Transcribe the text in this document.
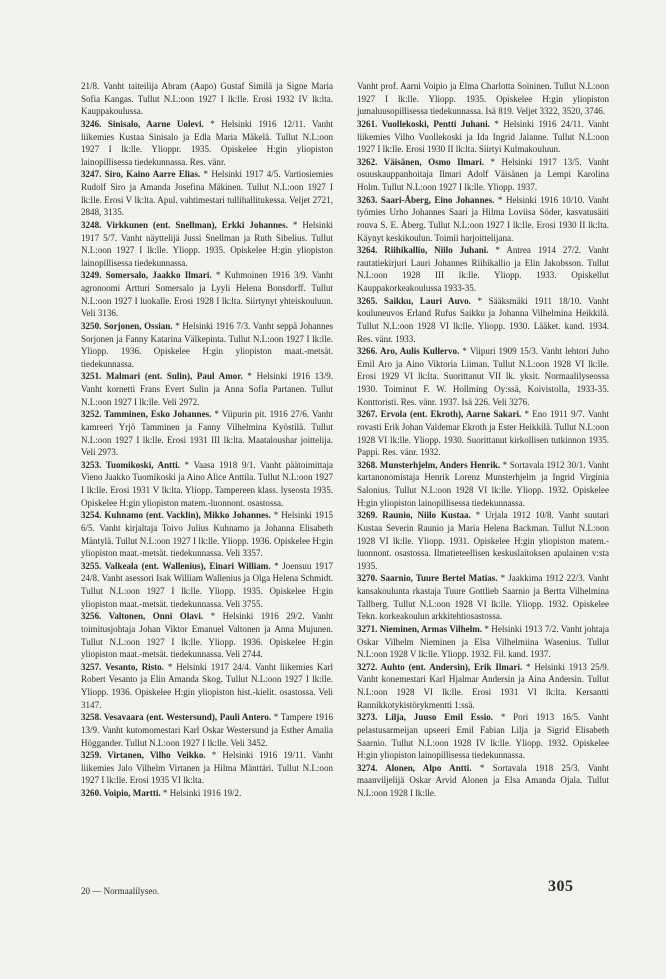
21/8. Vanht taiteilija Abram (Aapo) Gustaf Similä ja Signe Maria Sofia Kangas. Tullut N.L:oon 1927 I lk:lle. Erosi 1932 IV lk:lta. Kauppakoulussa.

3246. Sinisalo, Aarne Uolevi. * Helsinki 1916 12/11. Vanht liikemies Kustaa Sinisalo ja Edla Maria Mäkelä. Tullut N.L:oon 1927 I lk:lle. Ylioppr. 1935. Opiskelee H:gin yliopiston lainopillisessa tiedekunnassa. Res. vänr.

3247. Siro, Kaino Aarre Elias. * Helsinki 1917 4/5. Vartiosiemies Rudolf Siro ja Amanda Josefina Mäkinen. Tullut N.L:oon 1927 I lk:lle. Erosi V lk:lta. Apul. vahtimestari tullihallitukessa. Veljet 2721, 2848, 3135.

3248. Virkkunen (ent. Snellman), Erkki Johannes. * Helsinki 1917 5/7. Vanht näyttelijä Jussi Snellman ja Ruth Sibelius. Tullut N.L:oon 1927 I lk:lle. Yliopp. 1935. Opiskelee H:gin yliopiston lainopillisessa tiedekunnassa.

3249. Somersalo, Jaakko Ilmari. * Kuhmoinen 1916 3/9. Vanht agronoomi Artturi Somersalo ja Lyyli Helena Bonsdorff. Tullut N.L:oon 1927 I luokalle. Erosi 1928 I lk:lta. Siirtynyt yhteiskouluun. Veli 3136.

3250. Sorjonen, Ossian. * Helsinki 1916 7/3. Vanht seppä Johannes Sorjonen ja Fanny Katarina Välkepinta. Tullut N.L:oon 1927 I lk:lle. Yliopp. 1936. Opiskelee H:gin yliopiston maat.-metsät. tiedekunnassa.

3251. Malmari (ent. Sulin), Paul Amor. * Helsinki 1916 13/9. Vanht kornetti Frans Evert Sulin ja Anna Sofia Partanen. Tullut N.L:oon 1927 I lk:lle. Veli 2972.

3252. Tamminen, Esko Johannes. * Viipurin pit. 1916 27/6. Vanht kamreeri Yrjö Tamminen ja Fanny Vilhelmina Kyöstilä. Tullut N.L:oon 1927 I lk:lle. Erosi 1931 III lk:lta. Maataloushar joittelija. Veli 2973.

3253. Tuomikoski, Antti. * Vaasa 1918 9/1. Vanht päätoimittaja Vieno Jaakko Tuomikoski ja Aino Alice Anttila. Tullut N.L:oon 1927 I lk:lle. Erosi 1931 V lk:lta. Yliopp. Tampereen klass. lyseosta 1935. Opiskelee H:gin yliopiston matem.-luonnont. osastossa.

3254. Kuhnamo (ent. Vacklin), Mikko Johannes. * Helsinki 1915 6/5. Vanht kirjaltaja Toivo Julius Kuhnamo ja Johanna Elisabeth Mäntylä. Tullut N.L:oon 1927 I lk:lle. Yliopp. 1936. Opiskelee H:gin yliopiston maat.-metsät. tiedekunnassa. Veli 3357.

3255. Valkeala (ent. Wallenius), Einari William. * Joensuu 1917 24/8. Vanht asessori Isak William Wallenius ja Olga Helena Schmidt. Tullut N.L:oon 1927 I lk:lle. Yliopp. 1935. Opiskelee H:gin yliopiston maat.-metsät. tiedekunnassa. Veli 3755.

3256. Valtonen, Onni Olavi. * Helsinki 1916 29/2. Vanht toimitusjohtaja Johan Viktor Emanuel Valtonen ja Anna Mujunen. Tullut N.L:oon 1927 I lk:lle. Yliopp. 1936. Opiskelee H:gin yliopiston maat.-metsät. tiedekunnassa. Veli 2744.

3257. Vesanto, Risto. * Helsinki 1917 24/4. Vanht liikemies Karl Robert Vesanto ja Elin Amanda Skog. Tullut N.L:oon 1927 I lk:lle. Yliopp. 1936. Opiskelee H:gin yliopiston hist.-kielit. osastossa. Veli 3147.

3258. Vesavaara (ent. Westersund), Pauli Antero. * Tampere 1916 13/9. Vanht kutomomestari Karl Oskar Westersund ja Esther Amalia Höggander. Tullut N.L:oon 1927 I lk:lle. Veli 3452.

3259. Virtanen, Vilho Veikko. * Helsinki 1916 19/11. Vanht liikemies Jalo Vilhelm Virtanen ja Hilma Mänttäri. Tullut N.L:oon 1927 I lk:lle. Erosi 1935 VI lk:lta.

3260. Voipio, Martti. * Helsinki 1916 19/2.

Vanht prof. Aarni Voipio ja Elma Charlotta Soininen. Tullut N.L:oon 1927 I lk:lle. Yliopp. 1935. Opiskelee H:gin yliopiston jumaluusopillisessa tiedekunnassa. Isä 819. Veljet 3322, 3520, 3746.

3261. Vuollekoski, Pentti Juhani. * Helsinki 1916 24/11. Vanht liikemies Vilho Vuollekoski ja Ida Ingrid Jalanne. Tullut N.L:oon 1927 I lk:lle. Erosi 1930 II lk:lta. Siirtyi Kulmakouluun.

3262. Väisänen, Osmo Ilmari. * Helsinki 1917 13/5. Vanht osuuskauppanhoitaja Ilmari Adolf Väisänen ja Lempi Karolina Holm. Tullut N.L:oon 1927 I lk:lle. Yliopp. 1937.

3263. Saari-Åberg, Eino Johannes. * Helsinki 1916 10/10. Vanht työmies Urho Johannes Saari ja Hilma Loviisa Söder, kasvatusäiti rouva S. E. Åberg. Tullut N.L:oon 1927 I lk:lle. Erosi 1930 II lk:lta. Käynyt keskikoulun. Toimii harjoittelijana.

3264. Riihikallio, Niilo Juhani. * Antrea 1914 27/2. Vanht rautatiekirjuri Lauri Johannes Riihikallio ja Elin Jakobsson. Tullut N.L:oon 1928 III lk:lle. Yliopp. 1933. Opiskellut Kauppakorkeakoulussa 1933-35.

3265. Saikku, Lauri Auvo. * Sääksmäki 1911 18/10. Vanht kouluneuvos Erland Rufus Saikku ja Johanna Vilhelmina Heikkilä. Tullut N.L:oon 1928 VI lk:lle. Yliopp. 1930. Lääket. kand. 1934. Res. vänr. 1933.

3266. Aro, Aulis Kullervo. * Viipuri 1909 15/3. Vanht lehtori Juho Emil Aro ja Aino Viktoria Liiman. Tullut N.L:oon 1928 VI lk:lle. Erosi 1929 VI lk:lta. Suorittanut VII lk. yksit. Normaalilyseossa 1930. Toiminut F. W. Hollming Oy:ssä, Koivistolla, 1933-35. Konttoristi. Res. vänr. 1937. Isä 226. Veli 3276.

3267. Ervola (ent. Ekroth), Aarne Sakari. * Eno 1911 9/7. Vanht rovasti Erik Johan Valdemar Ekroth ja Ester Heikkilä. Tullut N.L:oon 1928 VI lk:lle. Yliopp. 1930. Suorittanut kirkollisen tutkinnon 1935. Pappi. Res. vänr. 1932.

3268. Munsterhjelm, Anders Henrik. * Sortavala 1912 30/1. Vanht kartanonomistaja Henrik Lorenz Munsterhjelm ja Ingrid Virginia Salonius. Tullut N.L:oon 1928 VI lk:lle. Yliopp. 1932. Opiskelee H:gin yliopiston lainopillisessa tiedekunnassa.

3269. Raunio, Niilo Kustaa. * Urjala 1912 10/8. Vanht suutari Kustaa Severin Raunio ja Maria Helena Backman. Tullut N.L:oon 1928 VI lk:lle. Yliopp. 1931. Opiskelee H:gin yliopiston matem.-luonnont. osastossa. Ilmatieteellisen keskuslaitoksen apulainen v:sta 1935.

3270. Saarnio, Tuure Bertel Matias. * Jaakkima 1912 22/3. Vanht kansakoulunta rkastaja Tuure Gottlieb Saarnio ja Bertta Vilhelmina Tallberg. Tullut N.L:oon 1928 VI lk:lle. Yliopp. 1932. Opiskelee Tekn. korkeakoulun arkkitehtiosastossa.

3271. Nieminen, Armas Vilhelm. * Helsinki 1913 7/2. Vanht johtaja Oskar Vilhelm Nieminen ja Elsa Vilhelmiina Wasenius. Tullut N.L:oon 1928 V lk:lle. Yliopp. 1932. Fil. kand. 1937.

3272. Auhto (ent. Andersin), Erik Ilmari. * Helsinki 1913 25/9. Vanht konemestari Karl Hjalmar Andersin ja Aina Andersin. Tullut N.L:oon 1928 VI lk:lle. Erosi 1931 VI lk:lta. Kersantti Rannikkotykistörykmentti 1:ssä.

3273. Lilja, Juuso Emil Essio. * Pori 1913 16/5. Vanht pelastusarmeijan upseeri Emil Fabian Lilja ja Sigrid Elisabeth Saarnio. Tullut N.L:oon 1928 IV lk:lle. Yliopp. 1932. Opiskelee H:gin yliopiston lainopillisessa tiedekunnassa.

3274. Alonen, Alpo Antti. * Sortavala 1918 25/3. Vanht maanviljelijä Oskar Arvid Alonen ja Elsa Amanda Ojala. Tullut N.L:oon 1928 I lk:lle.

20 — Normaalilyseo.	305
